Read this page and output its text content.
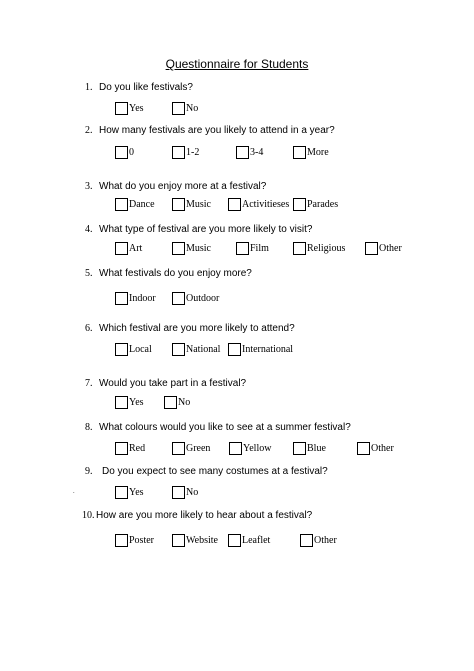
Questionnaire for Students
1. Do you like festivals?
Yes	No
2. How many festivals are you likely to attend in a year?
0	1-2	3-4	More
3. What do you enjoy more at a festival?
Dance	Music	Activitieses Parades
4. What type of festival are you more likely to visit?
Art	Music	Film	Religious	Other
5. What festivals do you enjoy more?
Indoor	Outdoor
6. Which festival are you more likely to attend?
Local	National International
7. Would you take part in a festival?
Yes	No
8. What colours would you like to see at a summer festival?
Red	Green	Yellow	Blue	Other
9. Do you expect to see many costumes at a festival?
Yes	No
10. How are you more likely to hear about a festival?
Poster	Website Leaflet	Other
.
